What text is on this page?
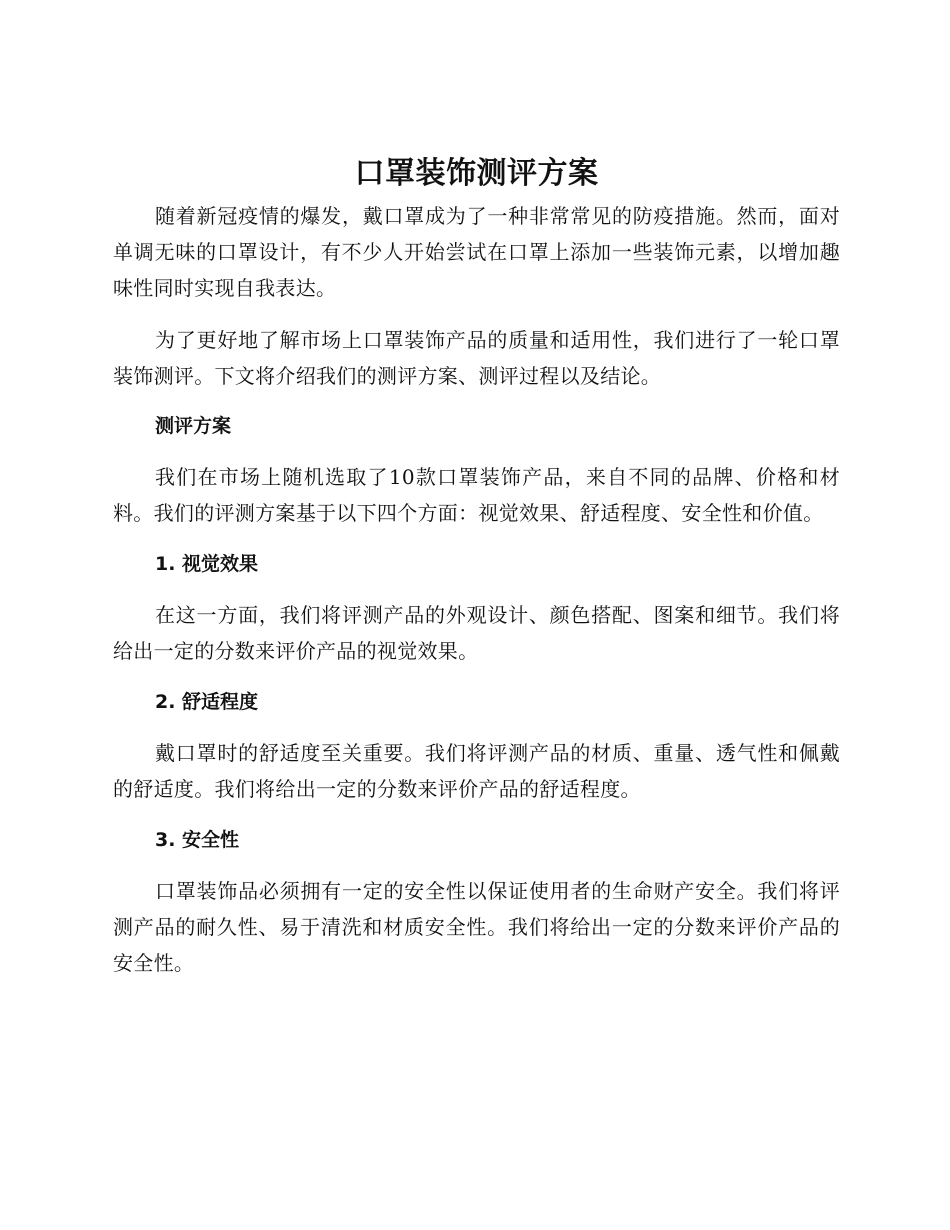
口罩装饰测评方案

随着新冠疫情的爆发，戴口罩成为了一种非常常见的防疫措施。然而，面对单调无味的口罩设计，有不少人开始尝试在口罩上添加一些装饰元素，以增加趣味性同时实现自我表达。

为了更好地了解市场上口罩装饰产品的质量和适用性，我们进行了一轮口罩装饰测评。下文将介绍我们的测评方案、测评过程以及结论。

测评方案

我们在市场上随机选取了10款口罩装饰产品，来自不同的品牌、价格和材料。我们的评测方案基于以下四个方面：视觉效果、舒适程度、安全性和价值。

1. 视觉效果

在这一方面，我们将评测产品的外观设计、颜色搭配、图案和细节。我们将给出一定的分数来评价产品的视觉效果。

2. 舒适程度

戴口罩时的舒适度至关重要。我们将评测产品的材质、重量、透气性和佩戴的舒适度。我们将给出一定的分数来评价产品的舒适程度。

3. 安全性

口罩装饰品必须拥有一定的安全性以保证使用者的生命财产安全。我们将评测产品的耐久性、易于清洗和材质安全性。我们将给出一定的分数来评价产品的安全性。
